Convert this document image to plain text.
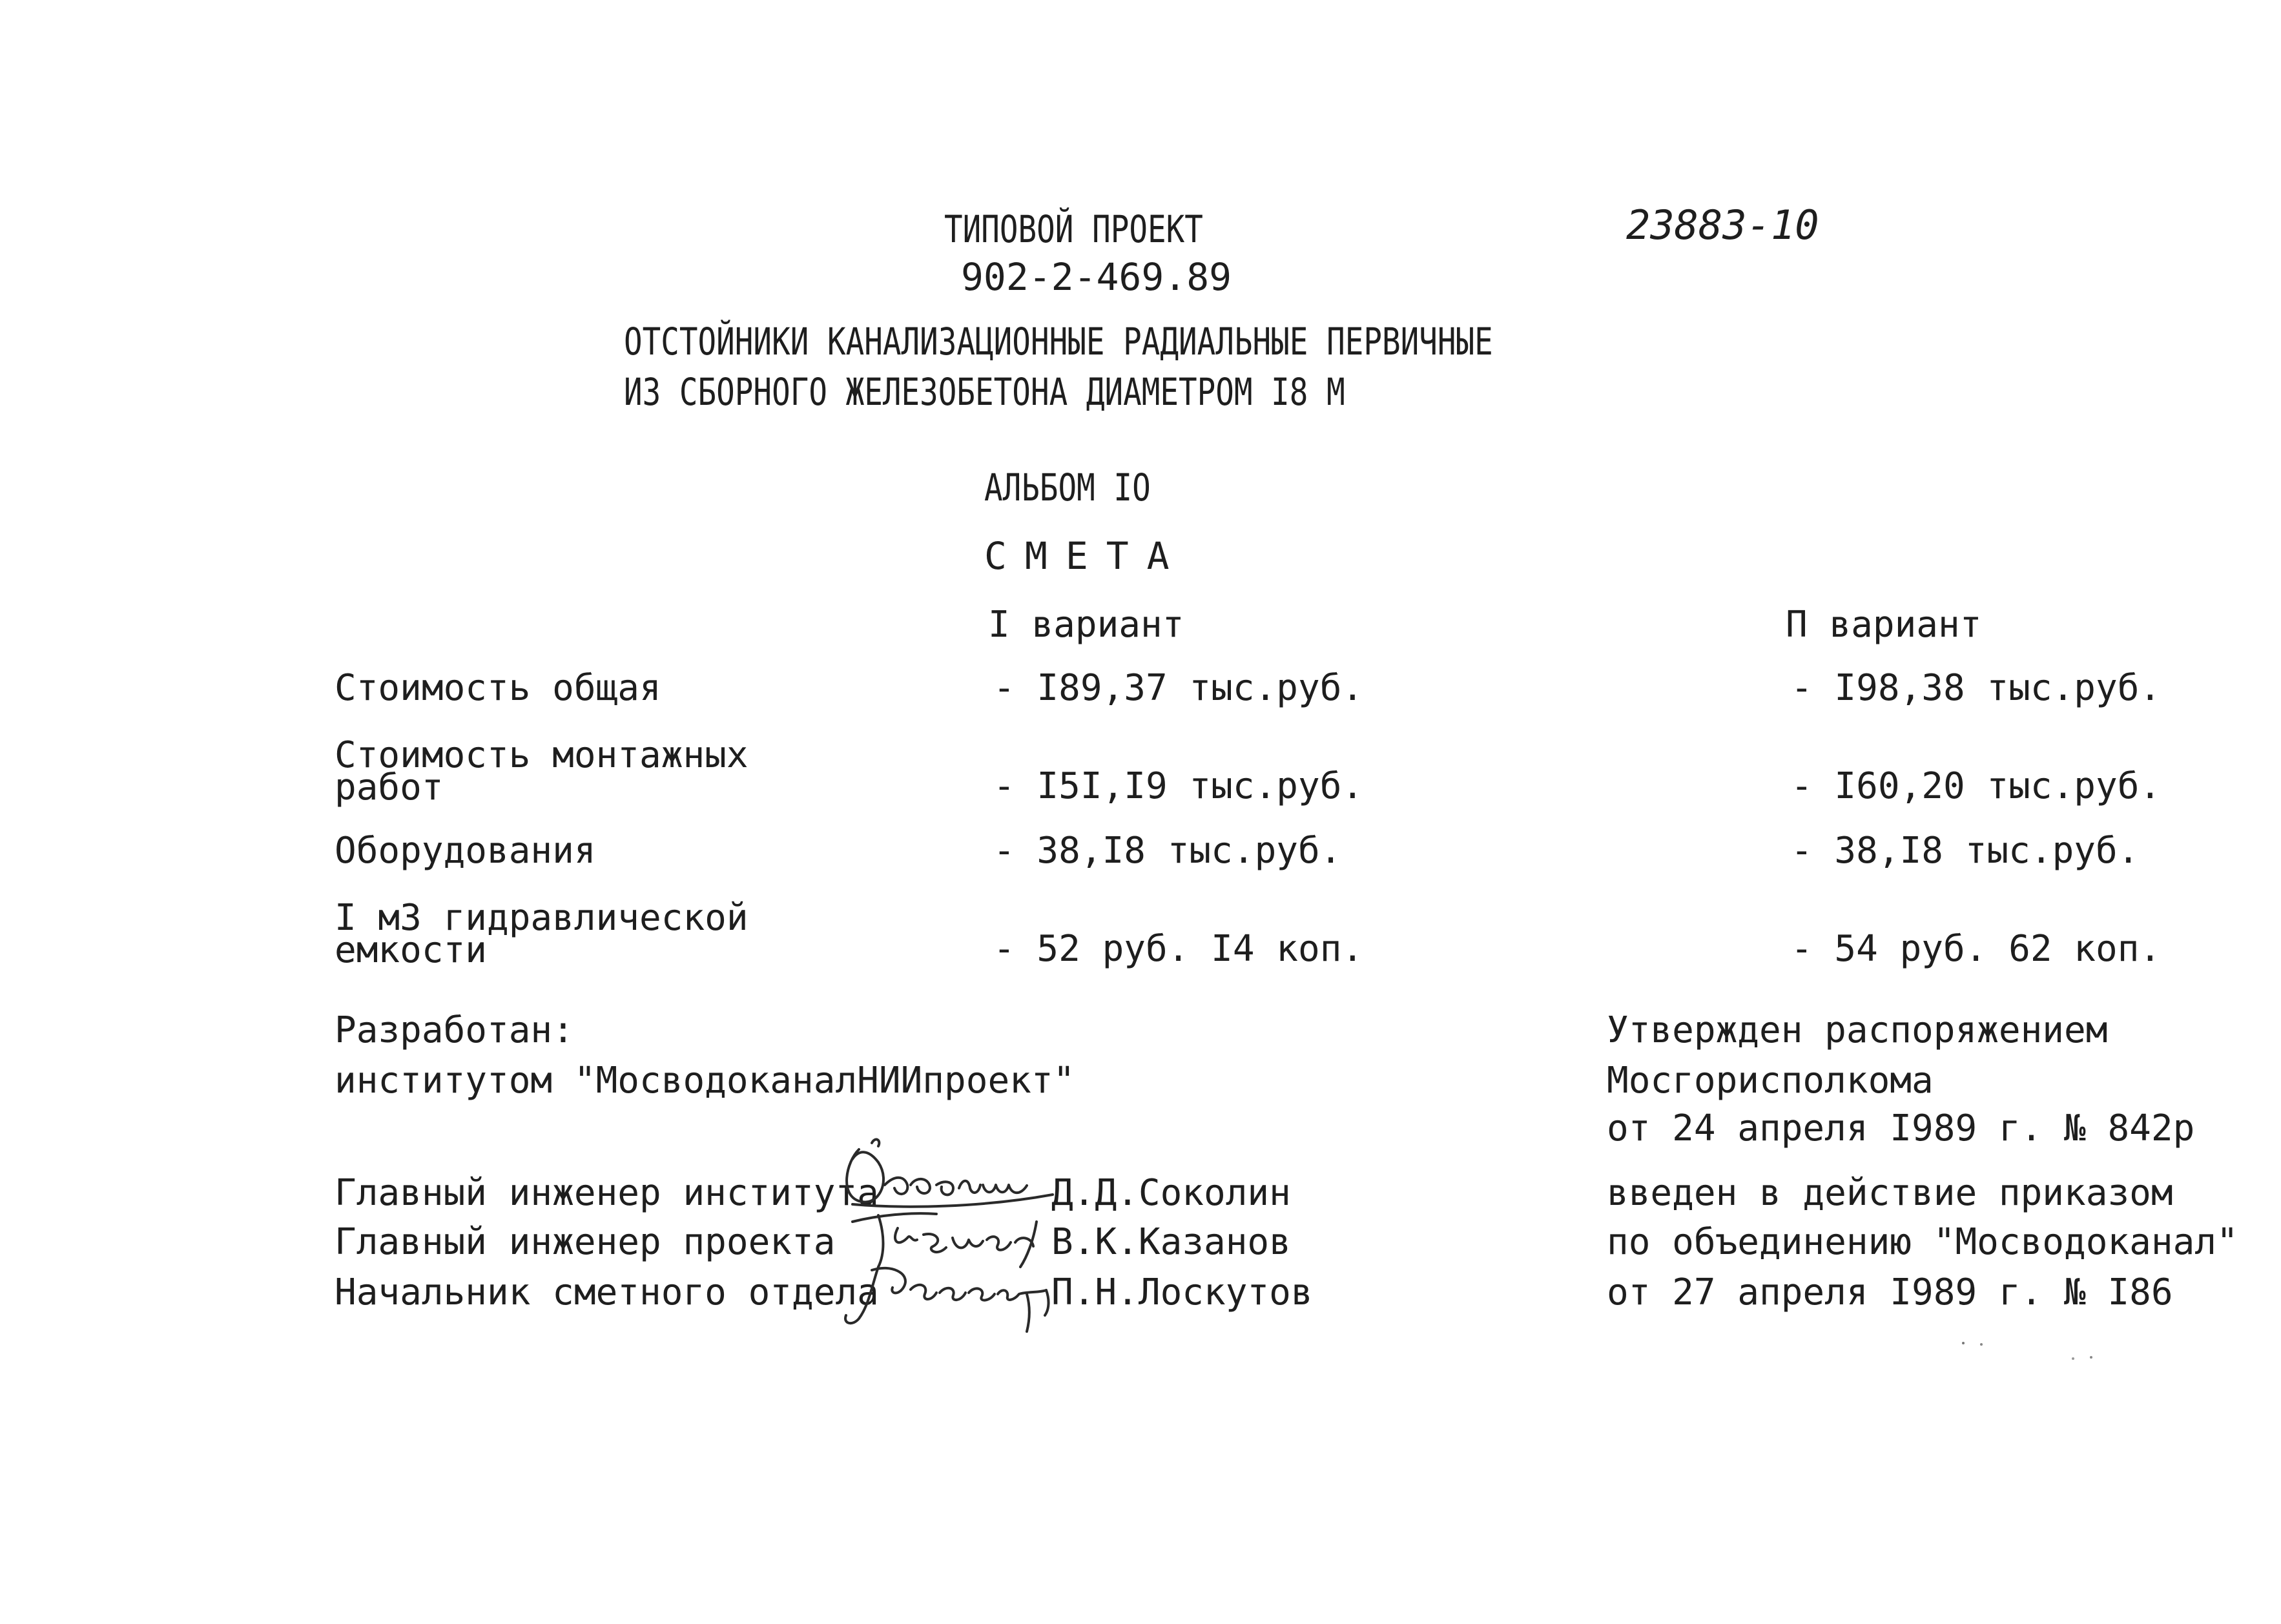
ТИПОВОЙ ПРОЕКТ
902-2-469.89
23883-10
ОТСТОЙНИКИ КАНАЛИЗАЦИОННЫЕ РАДИАЛЬНЫЕ ПЕРВИЧНЫЕ
ИЗ СБОРНОГО ЖЕЛЕЗОБЕТОНА ДИАМЕТРОМ I8 М
АЛЬБОМ IO
СМЕТА
I вариант	П вариант
Стоимость общая	- I89,37 тыс.руб.	- I98,38 тыс.руб.
Стоимость монтажных
работ	- I5I,I9 тыс.руб.	- I60,20 тыс.руб.
Оборудования	- 38,I8 тыс.руб.	- 38,I8 тыс.руб.
I м3 гидравлической
емкости	- 52 руб. I4 коп.	- 54 руб. 62 коп.
Разработан:
институтом "МосводоканалНИИпроект"
Главный инженер института	Д.Д.Соколин
Главный инженер проекта	В.К.Казанов
Начальник сметного отдела	П.Н.Лоскутов
Утвержден распоряжением
Мосгорисполкома
от 24 апреля I989 г. № 842р
введен в действие приказом
по объединению "Мосводоканал"
от 27 апреля I989 г. № I86
